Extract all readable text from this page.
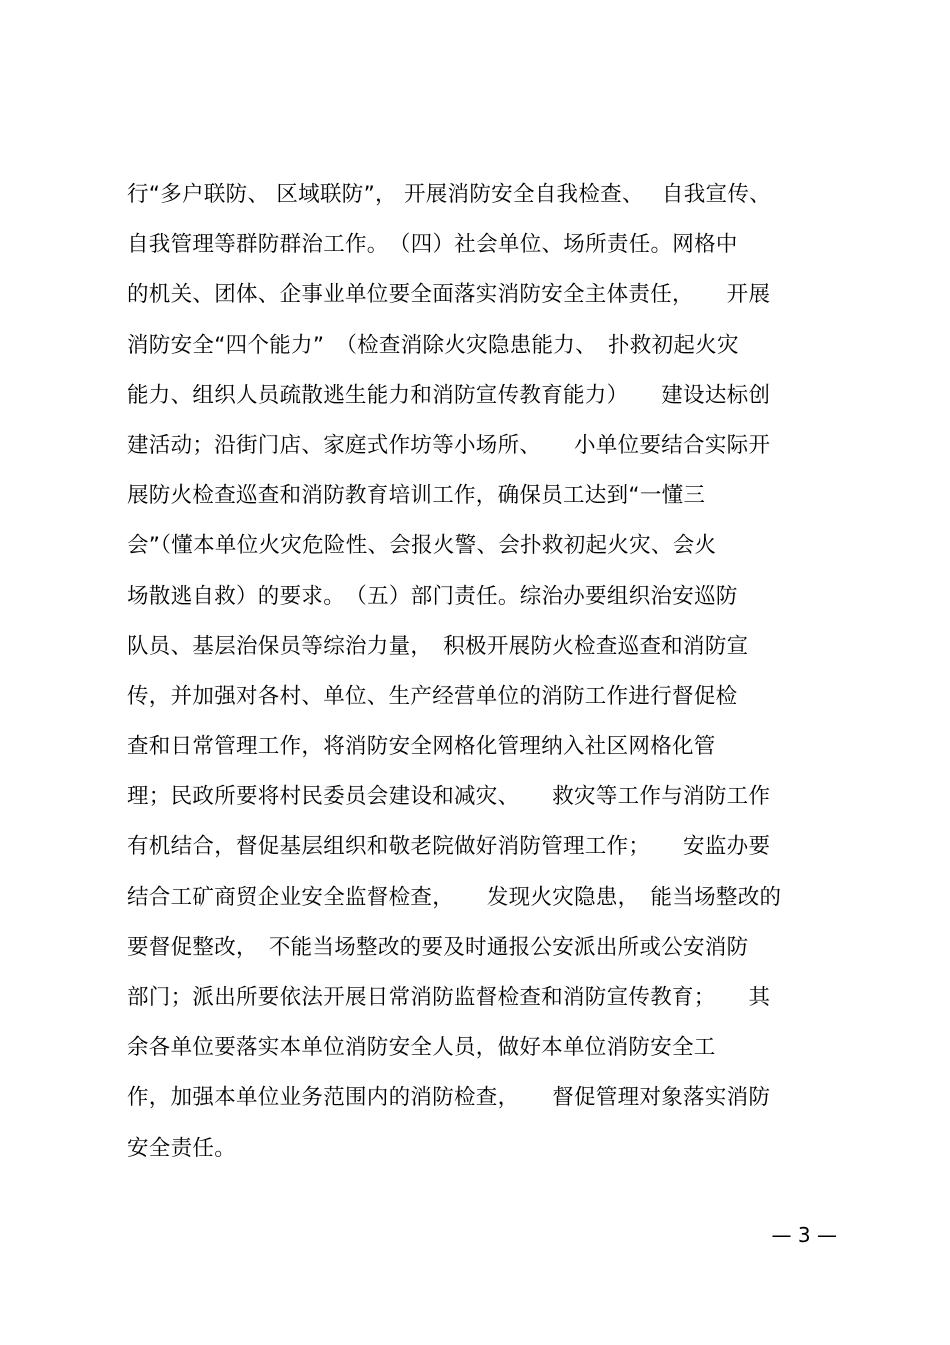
行“多户联防、 区域联防”， 开展消防安全自我检查、　 自我宣传、
自我管理等群防群治工作。　（四）社会单位、场所责任。网格中
的机关、团体、企事业单位要全面落实消防安全主体责任，　　开展
消防安全“四个能力”　（检查消除火灾隐患能力、　扑救初起火灾
能力、组织人员疏散逃生能力和消防宣传教育能力）　　建设达标创
建活动；沿街门店、家庭式作坊等小场所、　　小单位要结合实际开
展防火检查巡查和消防教育培训工作，确保员工达到“一懂三
会”（懂本单位火灾危险性、会报火警、会扑救初起火灾、会火
场散逃自救）的要求。　（五）部门责任。综治办要组织治安巡防
队员、基层治保员等综治力量，　积极开展防火检查巡查和消防宣
传，并加强对各村、单位、生产经营单位的消防工作进行督促检
查和日常管理工作，将消防安全网格化管理纳入社区网格化管
理；民政所要将村民委员会建设和减灾、　　救灾等工作与消防工作
有机结合，督促基层组织和敬老院做好消防管理工作；　　安监办要
结合工矿商贸企业安全监督检查，　　发现火灾隐患，　能当场整改的
要督促整改，　不能当场整改的要及时通报公安派出所或公安消防
部门；派出所要依法开展日常消防监督检查和消防宣传教育；　　其
余各单位要落实本单位消防安全人员，做好本单位消防安全工
作，加强本单位业务范围内的消防检查，　　督促管理对象落实消防
安全责任。
— 3 —
